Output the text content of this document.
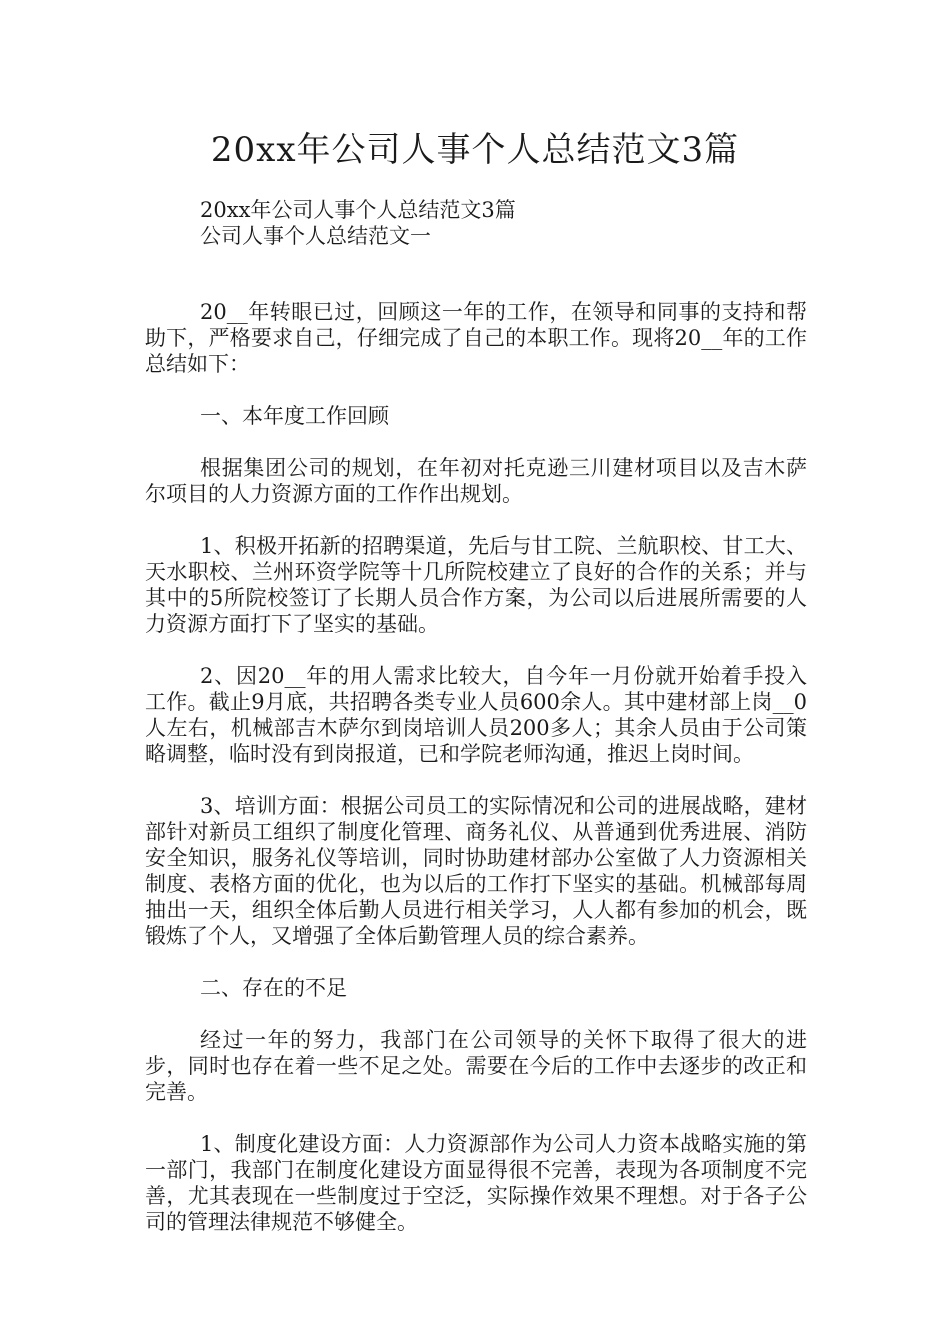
20xx年公司人事个人总结范文3篇

20xx年公司人事个人总结范文3篇

公司人事个人总结范文一

20__年转眼已过，回顾这一年的工作，在领导和同事的支持和帮助下，严格要求自己，仔细完成了自己的本职工作。现将20__年的工作总结如下：

一、本年度工作回顾

根据集团公司的规划，在年初对托克逊三川建材项目以及吉木萨尔项目的人力资源方面的工作作出规划。

1、积极开拓新的招聘渠道，先后与甘工院、兰航职校、甘工大、天水职校、兰州环资学院等十几所院校建立了良好的合作的关系；并与其中的5所院校签订了长期人员合作方案，为公司以后进展所需要的人力资源方面打下了坚实的基础。

2、因20__年的用人需求比较大，自今年一月份就开始着手投入工作。截止9月底，共招聘各类专业人员600余人。其中建材部上岗__0人左右，机械部吉木萨尔到岗培训人员200多人；其余人员由于公司策略调整，临时没有到岗报道，已和学院老师沟通，推迟上岗时间。

3、培训方面：根据公司员工的实际情况和公司的进展战略，建材部针对新员工组织了制度化管理、商务礼仪、从普通到优秀进展、消防安全知识，服务礼仪等培训，同时协助建材部办公室做了人力资源相关制度、表格方面的优化，也为以后的工作打下坚实的基础。机械部每周抽出一天，组织全体后勤人员进行相关学习，人人都有参加的机会，既锻炼了个人，又增强了全体后勤管理人员的综合素养。

二、存在的不足

经过一年的努力，我部门在公司领导的关怀下取得了很大的进步，同时也存在着一些不足之处。需要在今后的工作中去逐步的改正和完善。

1、制度化建设方面：人力资源部作为公司人力资本战略实施的第一部门，我部门在制度化建设方面显得很不完善，表现为各项制度不完善，尤其表现在一些制度过于空泛，实际操作效果不理想。对于各子公司的管理法律规范不够健全。
